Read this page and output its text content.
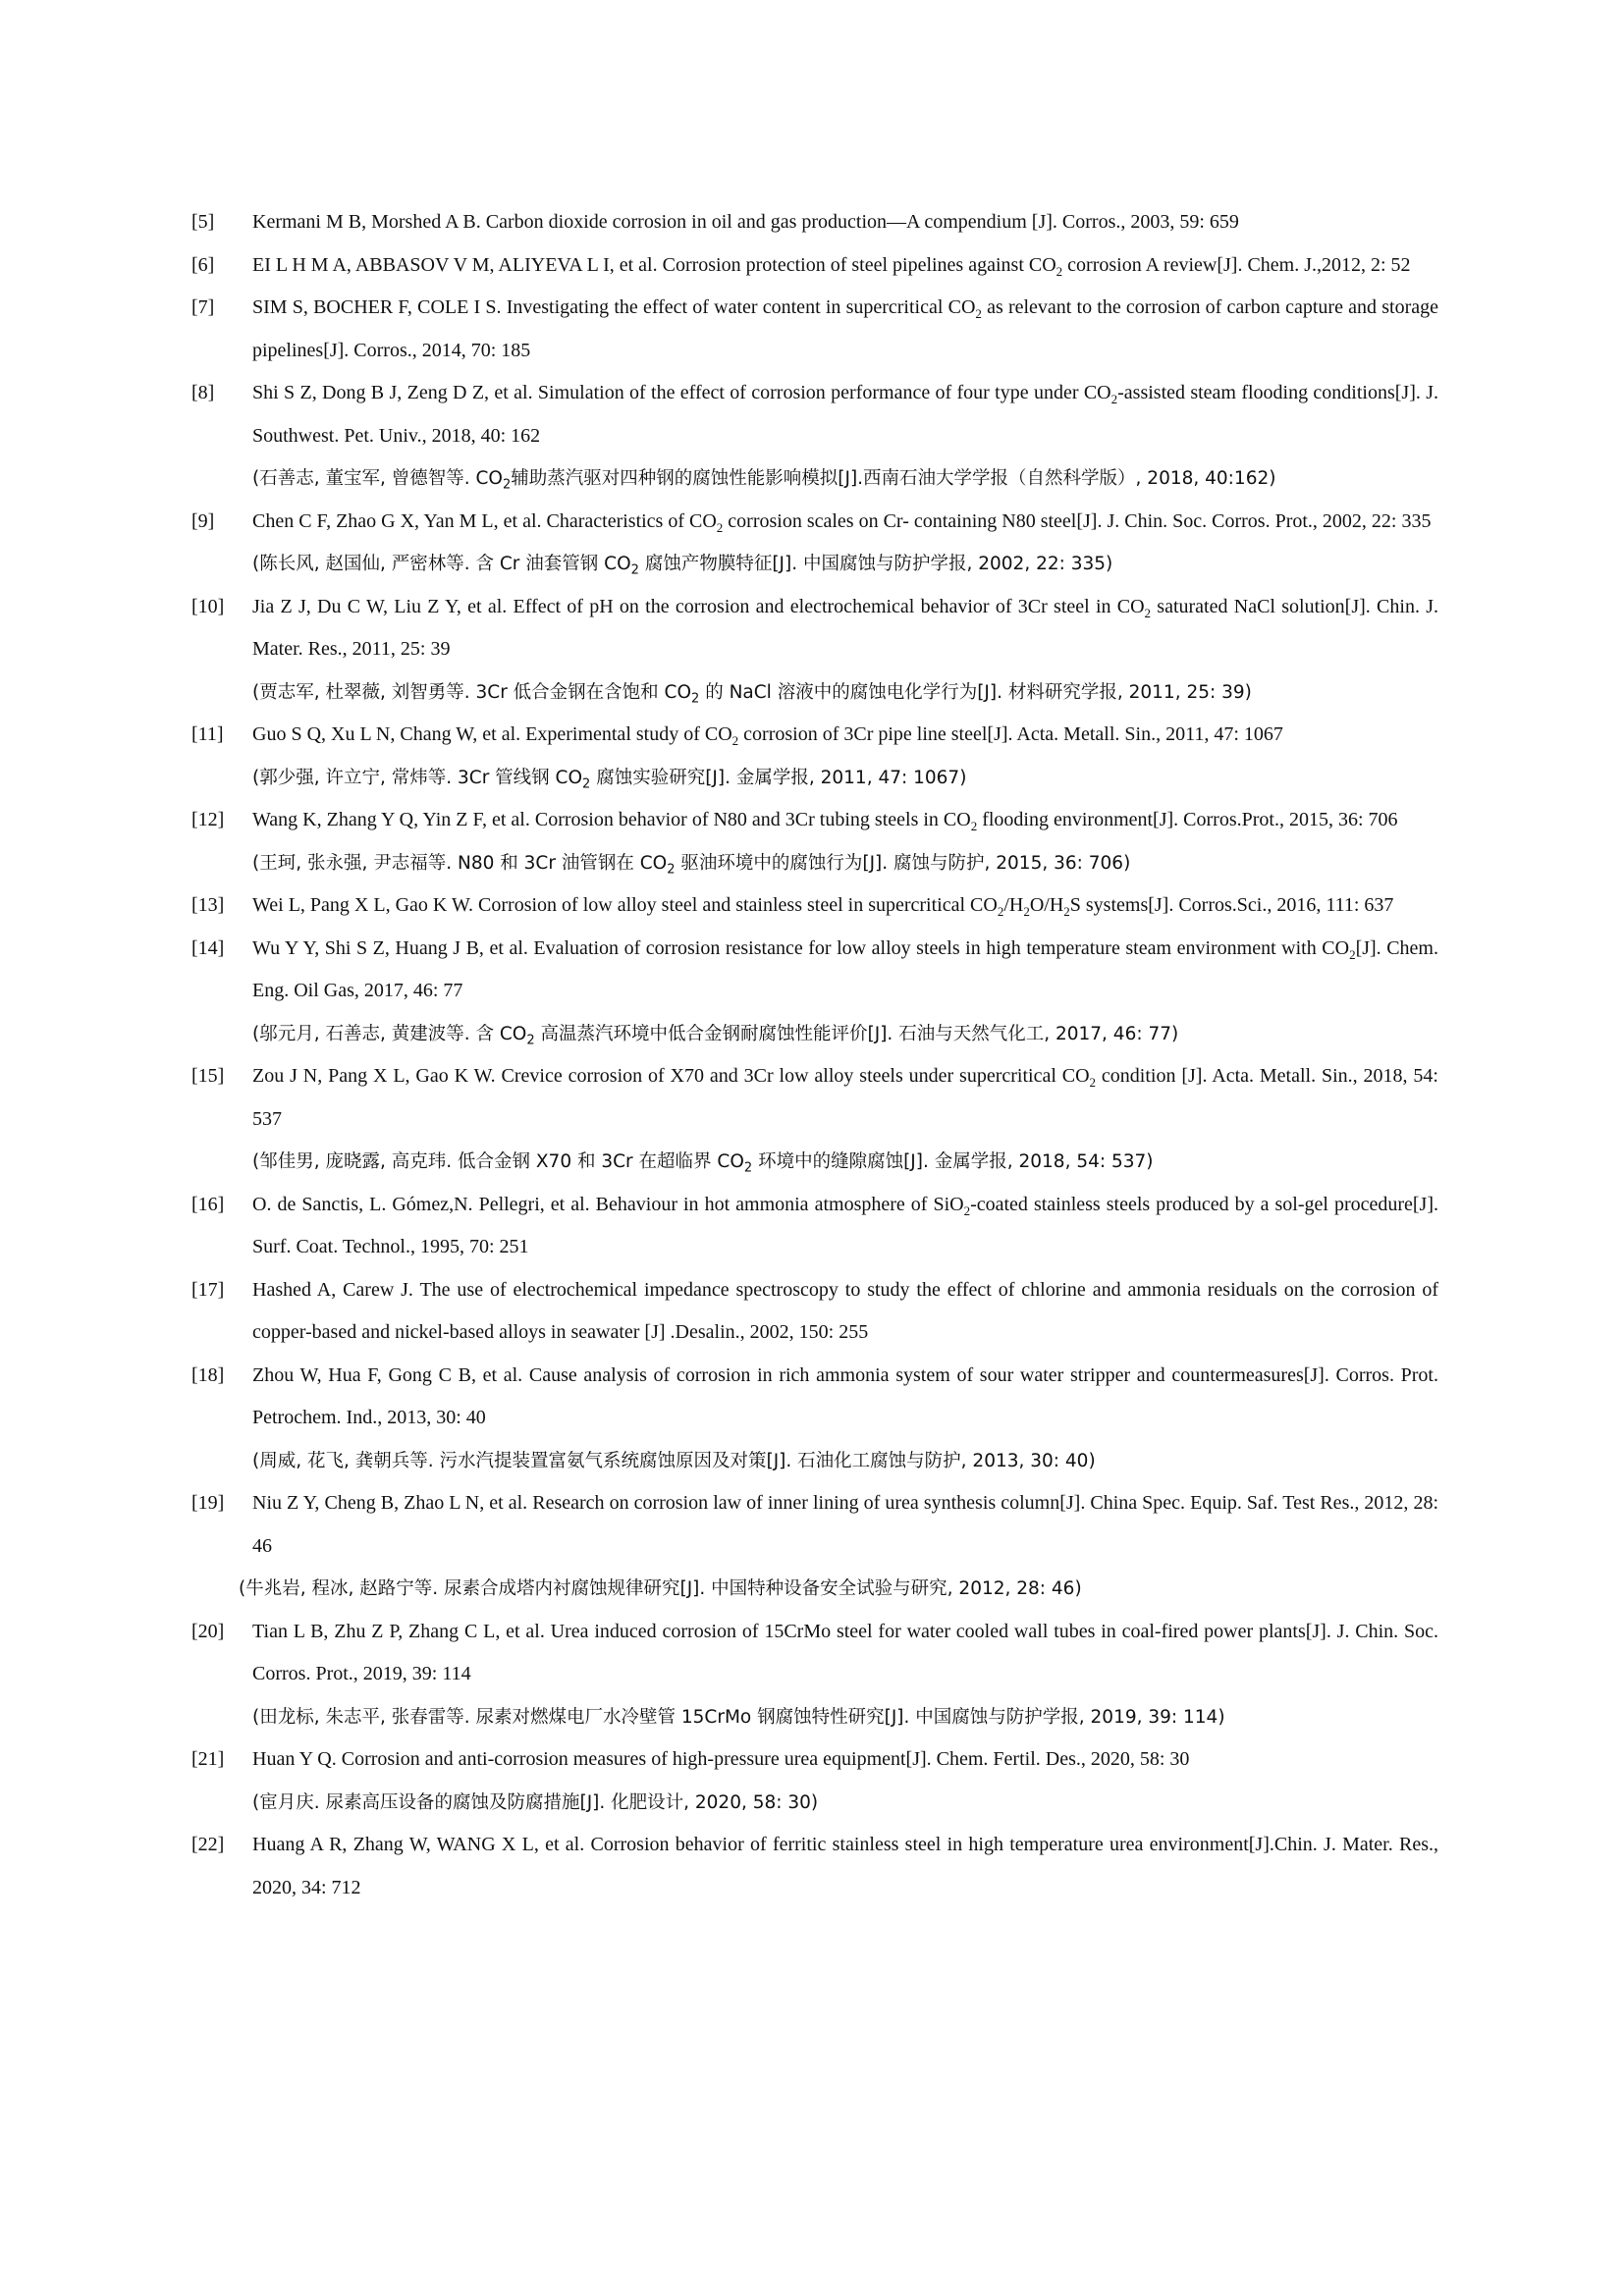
[5] Kermani M B, Morshed A B. Carbon dioxide corrosion in oil and gas production—A compendium [J]. Corros., 2003, 59: 659
[6] EI L H M A, ABBASOV V M, ALIYEVA L I, et al. Corrosion protection of steel pipelines against $CO_2$ corrosion A review[J]. Chem. J.,2012, 2: 52
[7] SIM S, BOCHER F, COLE I S. Investigating the effect of water content in supercritical $CO_2$ as relevant to the corrosion of carbon capture and storage pipelines[J]. Corros., 2014, 70: 185
[8] Shi S Z, Dong B J, Zeng D Z, et al. Simulation of the effect of corrosion performance of four type under $CO_2$-assisted steam flooding conditions[J]. J. Southwest. Pet. Univ., 2018, 40: 162
(石善志, 董宝军, 曾德智等. $CO_2$辅助蒸汽驱对四种钢的腐蚀性能影响模拟[J].西南石油大学学报（自然科学版）, 2018, 40:162)
[9] Chen C F, Zhao G X, Yan M L, et al. Characteristics of $CO_2$ corrosion scales on Cr- containing N80 steel[J]. J. Chin. Soc. Corros. Prot., 2002, 22: 335
(陈长风, 赵国仙, 严密林等. 含 Cr 油套管钢 $CO_2$ 腐蚀产物膜特征[J]. 中国腐蚀与防护学报, 2002, 22: 335)
[10] Jia Z J, Du C W, Liu Z Y, et al. Effect of pH on the corrosion and electrochemical behavior of 3Cr steel in $CO_2$ saturated NaCl solution[J]. Chin. J. Mater. Res., 2011, 25: 39
(贾志军, 杜翠薇, 刘智勇等. 3Cr 低合金钢在含饱和 $CO_2$ 的 NaCl 溶液中的腐蚀电化学行为[J]. 材料研究学报, 2011, 25: 39)
[11] Guo S Q, Xu L N, Chang W, et al. Experimental study of $CO_2$ corrosion of 3Cr pipe line steel[J]. Acta. Metall. Sin., 2011, 47: 1067
(郭少强, 许立宁, 常炜等. 3Cr 管线钢 $CO_2$ 腐蚀实验研究[J]. 金属学报, 2011, 47: 1067)
[12] Wang K, Zhang Y Q, Yin Z F, et al. Corrosion behavior of N80 and 3Cr tubing steels in $CO_2$ flooding environment[J]. Corros.Prot., 2015, 36: 706
(王珂, 张永强, 尹志福等. N80 和 3Cr 油管钢在 $CO_2$ 驱油环境中的腐蚀行为[J]. 腐蚀与防护, 2015, 36: 706)
[13] Wei L, Pang X L, Gao K W. Corrosion of low alloy steel and stainless steel in supercritical $CO_2/H_2O/H_2S$ systems[J]. Corros.Sci., 2016, 111: 637
[14] Wu Y Y, Shi S Z, Huang J B, et al. Evaluation of corrosion resistance for low alloy steels in high temperature steam environment with $CO_2[J]$. Chem. Eng. Oil Gas, 2017, 46: 77
(邬元月, 石善志, 黄建波等. 含 $CO_2$ 高温蒸汽环境中低合金钢耐腐蚀性能评价[J]. 石油与天然气化工, 2017, 46: 77)
[15] Zou J N, Pang X L, Gao K W. Crevice corrosion of X70 and 3Cr low alloy steels under supercritical $CO_2$ condition [J]. Acta. Metall. Sin., 2018, 54: 537
(邹佳男, 庞晓露, 高克玮. 低合金钢 X70 和 3Cr 在超临界 $CO_2$ 环境中的缝隙腐蚀[J]. 金属学报, 2018, 54: 537)
[16] O. de Sanctis, L. Gómez,N. Pellegri, et al. Behaviour in hot ammonia atmosphere of SiO$_2$-coated stainless steels produced by a sol-gel procedure[J]. Surf. Coat. Technol., 1995, 70: 251
[17] Hashed A, Carew J. The use of electrochemical impedance spectroscopy to study the effect of chlorine and ammonia residuals on the corrosion of copper-based and nickel-based alloys in seawater [J] .Desalin., 2002, 150: 255
[18] Zhou W, Hua F, Gong C B, et al. Cause analysis of corrosion in rich ammonia system of sour water stripper and countermeasures[J]. Corros. Prot. Petrochem. Ind., 2013, 30: 40
(周威, 花飞, 龚朝兵等. 污水汽提装置富氨气系统腐蚀原因及对策[J]. 石油化工腐蚀与防护, 2013, 30: 40)
[19] Niu Z Y, Cheng B, Zhao L N, et al. Research on corrosion law of inner lining of urea synthesis column[J]. China Spec. Equip. Saf. Test Res., 2012, 28: 46
(牛兆岩, 程冰, 赵路宁等. 尿素合成塔内衬腐蚀规律研究[J]. 中国特种设备安全试验与研究, 2012, 28: 46)
[20] Tian L B, Zhu Z P, Zhang C L, et al. Urea induced corrosion of 15CrMo steel for water cooled wall tubes in coal-fired power plants[J]. J. Chin. Soc. Corros. Prot., 2019, 39: 114
(田龙标, 朱志平, 张春雷等. 尿素对燃煤电厂水冷壁管 15CrMo 钢腐蚀特性研究[J]. 中国腐蚀与防护学报, 2019, 39: 114)
[21] Huan Y Q. Corrosion and anti-corrosion measures of high-pressure urea equipment[J]. Chem. Fertil. Des., 2020, 58: 30
(宦月庆. 尿素高压设备的腐蚀及防腐措施[J]. 化肥设计, 2020, 58: 30)
[22] Huang A R, Zhang W, WANG X L, et al. Corrosion behavior of ferritic stainless steel in high temperature urea environment[J].Chin. J. Mater. Res., 2020, 34: 712
